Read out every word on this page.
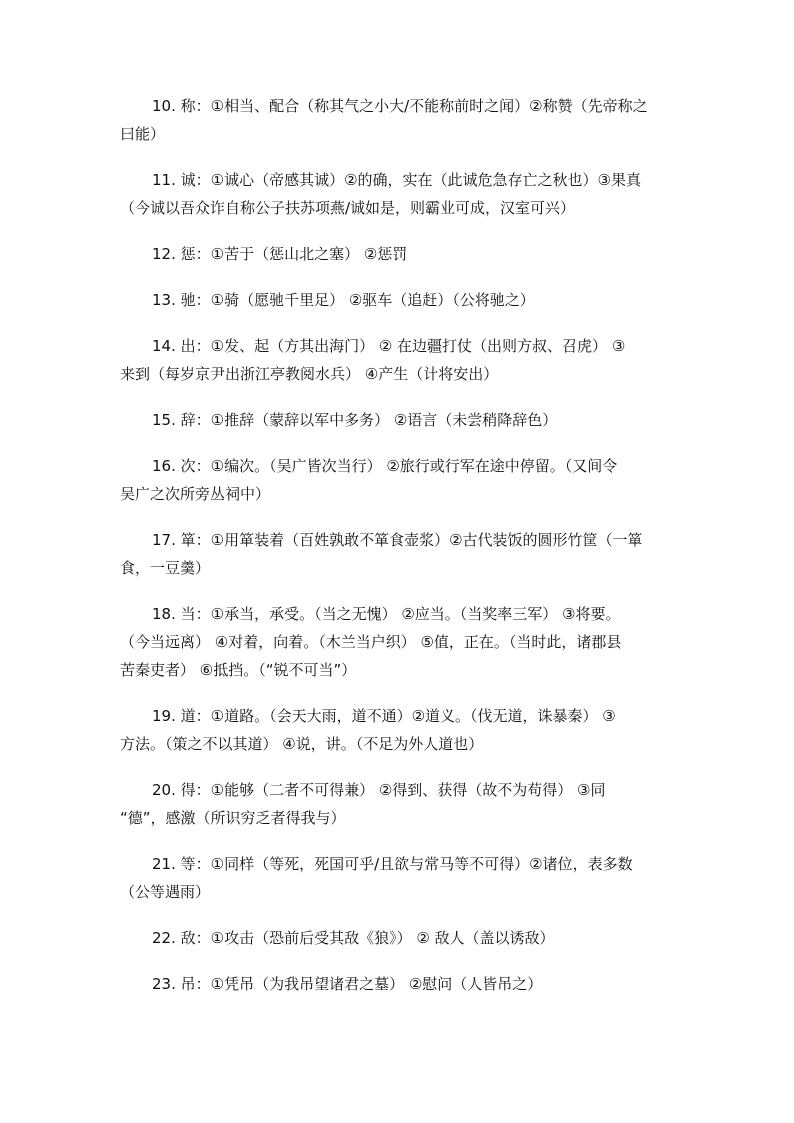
10. 称：①相当、配合（称其气之小大/不能称前时之闻）②称赞（先帝称之
曰能）
11. 诚：①诚心（帝感其诚）②的确，实在（此诚危急存亡之秋也）③果真
（今诚以吾众诈自称公子扶苏项燕/诚如是，则霸业可成，汉室可兴）
12. 惩：①苦于（惩山北之塞） ②惩罚
13. 驰：①骑（愿驰千里足） ②驱车（追赶）（公将驰之）
14. 出：①发、起（方其出海门） ② 在边疆打仗（出则方叔、召虎） ③
来到（每岁京尹出浙江亭教阅水兵） ④产生（计将安出）
15. 辞：①推辞（蒙辞以军中多务） ②语言（未尝稍降辞色）
16. 次：①编次。（吴广皆次当行） ②旅行或行军在途中停留。（又间令
吴广之次所旁丛祠中）
17. 箪：①用箪装着（百姓孰敢不箪食壶浆）②古代装饭的圆形竹筐（一箪
食，一豆羹）
18. 当：①承当，承受。（当之无愧） ②应当。（当奖率三军） ③将要。
（今当远离） ④对着，向着。（木兰当户织） ⑤值，正在。（当时此，诸郡县
苦秦吏者） ⑥抵挡。（“锐不可当”）
19. 道：①道路。（会天大雨，道不通）②道义。（伐无道，诛暴秦） ③
方法。（策之不以其道） ④说，讲。（不足为外人道也）
20. 得：①能够（二者不可得兼） ②得到、获得（故不为苟得） ③同
“德”，感激（所识穷乏者得我与）
21. 等：①同样（等死，死国可乎/且欲与常马等不可得）②诸位，表多数
（公等遇雨）
22. 敌：①攻击（恐前后受其敌《狼》） ② 敌人（盖以诱敌）
23. 吊：①凭吊（为我吊望诸君之墓） ②慰问（人皆吊之）
